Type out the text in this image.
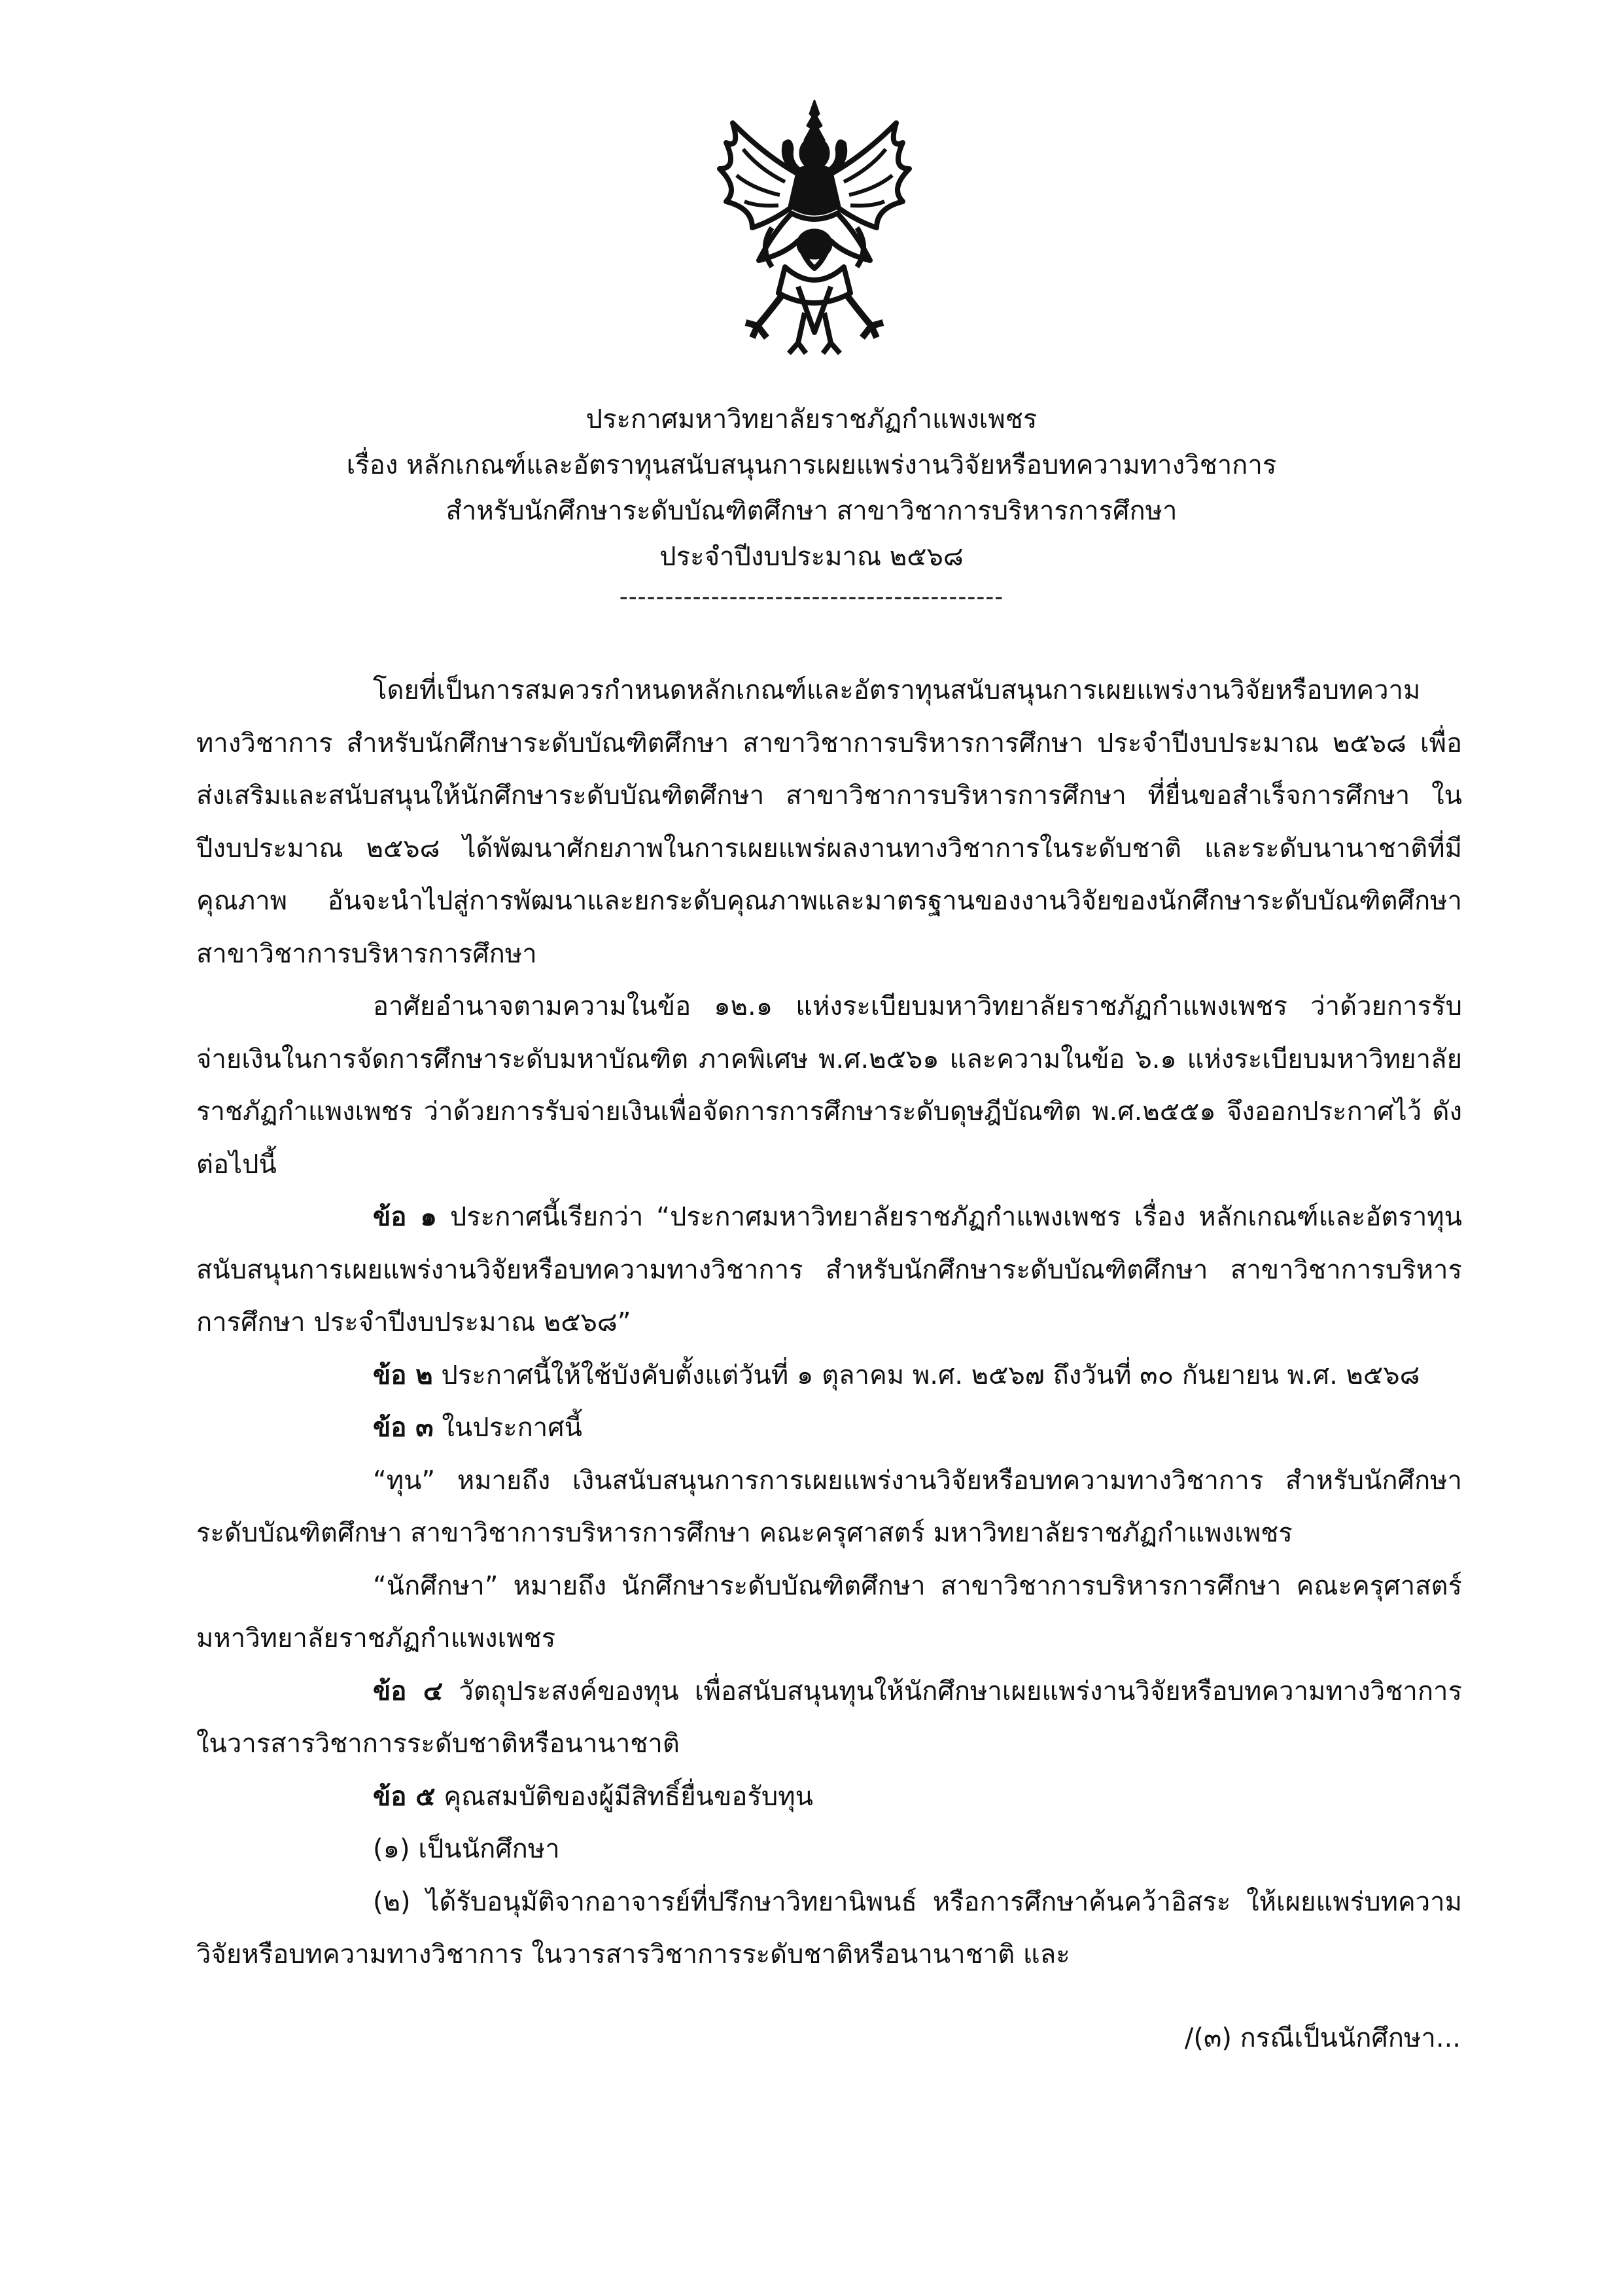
ประกาศมหาวิทยาลัยราชภัฏกำแพงเพชร
เรื่อง หลักเกณฑ์และอัตราทุนสนับสนุนการเผยแพร่งานวิจัยหรือบทความทางวิชาการ
สำหรับนักศึกษาระดับบัณฑิตศึกษา สาขาวิชาการบริหารการศึกษา
ประจำปีงบประมาณ ๒๕๖๘
------------------------------------------

โดยที่เป็นการสมควรกำหนดหลักเกณฑ์และอัตราทุนสนับสนุนการเผยแพร่งานวิจัยหรือบทความทางวิชาการ สำหรับนักศึกษาระดับบัณฑิตศึกษา สาขาวิชาการบริหารการศึกษา ประจำปีงบประมาณ ๒๕๖๘ เพื่อส่งเสริมและสนับสนุนให้นักศึกษาระดับบัณฑิตศึกษา สาขาวิชาการบริหารการศึกษา ที่ยื่นขอสำเร็จการศึกษา ในปีงบประมาณ ๒๕๖๘ ได้พัฒนาศักยภาพในการเผยแพร่ผลงานทางวิชาการในระดับชาติ และระดับนานาชาติที่มีคุณภาพ อันจะนำไปสู่การพัฒนาและยกระดับคุณภาพและมาตรฐานของงานวิจัยของนักศึกษาระดับบัณฑิตศึกษา สาขาวิชาการบริหารการศึกษา

อาศัยอำนาจตามความในข้อ ๑๒.๑ แห่งระเบียบมหาวิทยาลัยราชภัฏกำแพงเพชร ว่าด้วยการรับจ่ายเงินในการจัดการศึกษาระดับมหาบัณฑิต ภาคพิเศษ พ.ศ.๒๕๖๑ และความในข้อ ๖.๑ แห่งระเบียบมหาวิทยาลัยราชภัฏกำแพงเพชร ว่าด้วยการรับจ่ายเงินเพื่อจัดการการศึกษาระดับดุษฎีบัณฑิต พ.ศ.๒๕๕๑ จึงออกประกาศไว้ ดังต่อไปนี้

ข้อ ๑ ประกาศนี้เรียกว่า “ประกาศมหาวิทยาลัยราชภัฏกำแพงเพชร เรื่อง หลักเกณฑ์และอัตราทุนสนับสนุนการเผยแพร่งานวิจัยหรือบทความทางวิชาการ สำหรับนักศึกษาระดับบัณฑิตศึกษา สาขาวิชาการบริหารการศึกษา ประจำปีงบประมาณ ๒๕๖๘”

ข้อ ๒ ประกาศนี้ให้ใช้บังคับตั้งแต่วันที่ ๑ ตุลาคม พ.ศ. ๒๕๖๗ ถึงวันที่ ๓๐ กันยายน พ.ศ. ๒๕๖๘

ข้อ ๓ ในประกาศนี้

“ทุน” หมายถึง เงินสนับสนุนการการเผยแพร่งานวิจัยหรือบทความทางวิชาการ สำหรับนักศึกษาระดับบัณฑิตศึกษา สาขาวิชาการบริหารการศึกษา คณะครุศาสตร์ มหาวิทยาลัยราชภัฏกำแพงเพชร

“นักศึกษา” หมายถึง นักศึกษาระดับบัณฑิตศึกษา สาขาวิชาการบริหารการศึกษา คณะครุศาสตร์ มหาวิทยาลัยราชภัฏกำแพงเพชร

ข้อ ๔ วัตถุประสงค์ของทุน เพื่อสนับสนุนทุนให้นักศึกษาเผยแพร่งานวิจัยหรือบทความทางวิชาการ ในวารสารวิชาการระดับชาติหรือนานาชาติ

ข้อ ๕ คุณสมบัติของผู้มีสิทธิ์ยื่นขอรับทุน

(๑) เป็นนักศึกษา

(๒) ได้รับอนุมัติจากอาจารย์ที่ปรึกษาวิทยานิพนธ์ หรือการศึกษาค้นคว้าอิสระ ให้เผยแพร่บทความวิจัยหรือบทความทางวิชาการ ในวารสารวิชาการระดับชาติหรือนานาชาติ และ

/(๓) กรณีเป็นนักศึกษา...
